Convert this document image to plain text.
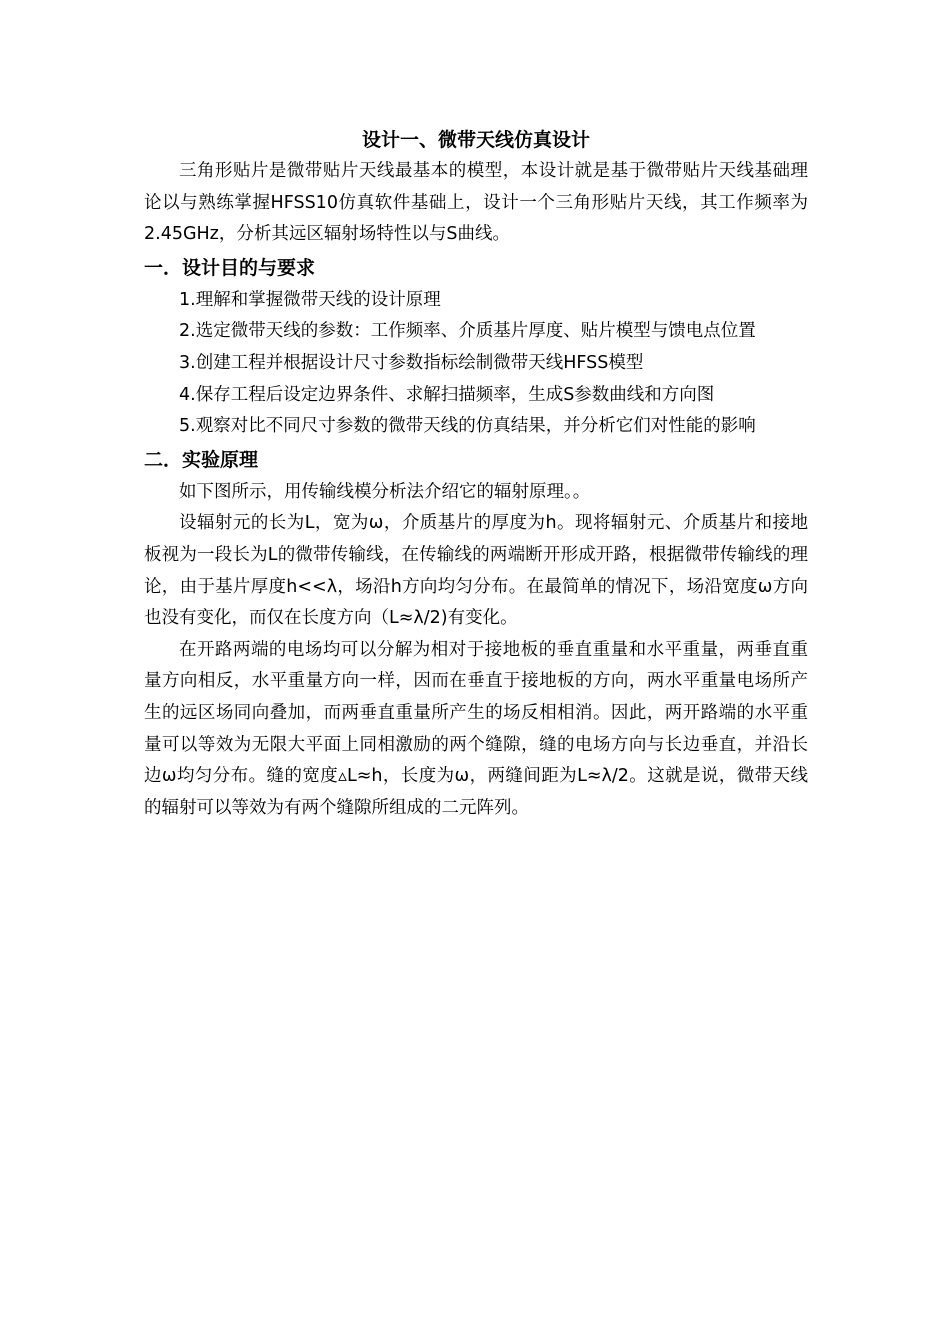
设计一、微带天线仿真设计

三角形贴片是微带贴片天线最基本的模型，本设计就是基于微带贴片天线基础理论以与熟练掌握HFSS10仿真软件基础上，设计一个三角形贴片天线，其工作频率为2.45GHz，分析其远区辐射场特性以与S曲线。

一．设计目的与要求

1.理解和掌握微带天线的设计原理

2.选定微带天线的参数：工作频率、介质基片厚度、贴片模型与馈电点位置

3.创建工程并根据设计尺寸参数指标绘制微带天线HFSS模型

4.保存工程后设定边界条件、求解扫描频率，生成S参数曲线和方向图

5.观察对比不同尺寸参数的微带天线的仿真结果，并分析它们对性能的影响

二．实验原理

如下图所示，用传输线模分析法介绍它的辐射原理。。

设辐射元的长为L，宽为ω，介质基片的厚度为h。现将辐射元、介质基片和接地板视为一段长为L的微带传输线，在传输线的两端断开形成开路，根据微带传输线的理论，由于基片厚度h<<λ，场沿h方向均匀分布。在最简单的情况下，场沿宽度ω方向也没有变化，而仅在长度方向（L≈λ/2)有变化。

在开路两端的电场均可以分解为相对于接地板的垂直重量和水平重量，两垂直重量方向相反，水平重量方向一样，因而在垂直于接地板的方向，两水平重量电场所产生的远区场同向叠加，而两垂直重量所产生的场反相相消。因此，两开路端的水平重量可以等效为无限大平面上同相激励的两个缝隙，缝的电场方向与长边垂直，并沿长边ω均匀分布。缝的宽度▵L≈h，长度为ω，两缝间距为L≈λ/2。这就是说，微带天线的辐射可以等效为有两个缝隙所组成的二元阵列。
